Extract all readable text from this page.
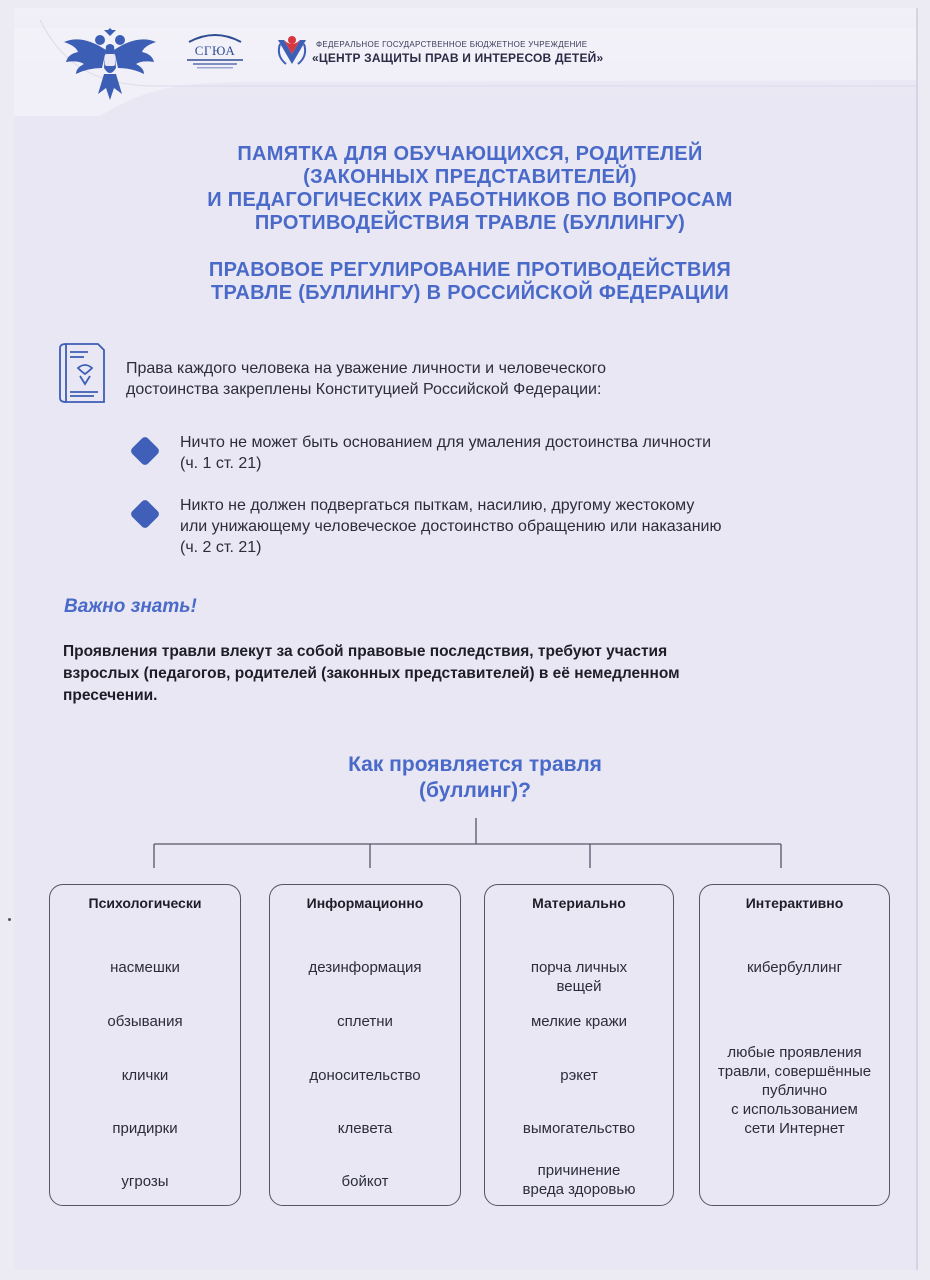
СГЮА	ФЕДЕРАЛЬНОЕ ГОСУДАРСТВЕННОЕ БЮДЖЕТНОЕ УЧРЕЖДЕНИЕ
«ЦЕНТР ЗАЩИТЫ ПРАВ И ИНТЕРЕСОВ ДЕТЕЙ»
ПАМЯТКА ДЛЯ ОБУЧАЮЩИХСЯ, РОДИТЕЛЕЙ
(ЗАКОННЫХ ПРЕДСТАВИТЕЛЕЙ)
И ПЕДАГОГИЧЕСКИХ РАБОТНИКОВ ПО ВОПРОСАМ
ПРОТИВОДЕЙСТВИЯ ТРАВЛЕ (БУЛЛИНГУ)
ПРАВОВОЕ РЕГУЛИРОВАНИЕ ПРОТИВОДЕЙСТВИЯ
ТРАВЛЕ (БУЛЛИНГУ) В РОССИЙСКОЙ ФЕДЕРАЦИИ
Права каждого человека на уважение личности и человеческого
достоинства закреплены Конституцией Российской Федерации:
Ничто не может быть основанием для умаления достоинства личности
(ч. 1 ст. 21)
Никто не должен подвергаться пыткам, насилию, другому жестокому
или унижающему человеческое достоинство обращению или наказанию
(ч. 2 ст. 21)
Важно знать!
Проявления травли влекут за собой правовые последствия, требуют участия
взрослых (педагогов, родителей (законных представителей) в её немедленном
пресечении.
Как проявляется травля
(буллинг)?
Психологически
насмешки
обзывания
клички
придирки
угрозы
Информационно
дезинформация
сплетни
доносительство
клевета
бойкот
Материально
порча личных
вещей
мелкие кражи
рэкет
вымогательство
причинение
вреда здоровью
Интерактивно
кибербуллинг
любые проявления
травли, совершённые
публично
с использованием
сети Интернет
